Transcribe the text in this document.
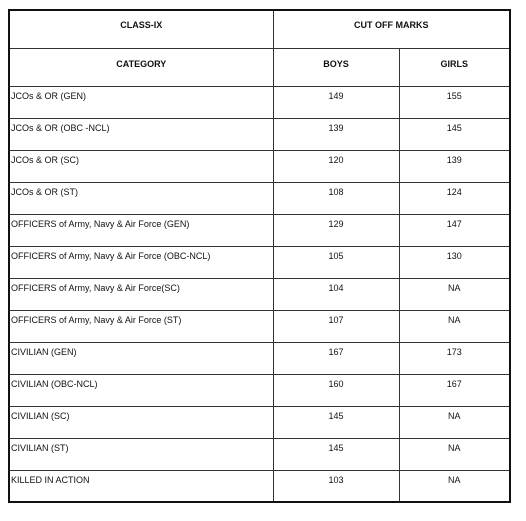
CLASS-IX	CUT OFF MARKS	
CATEGORY	BOYS	GIRLS
JCOs & OR (GEN)	149	155
JCOs & OR (OBC -NCL)	139	145
JCOs & OR (SC)	120	139
JCOs & OR (ST)	108	124
OFFICERS of Army, Navy & Air Force (GEN)	129	147
OFFICERS of Army, Navy & Air Force (OBC-NCL)	105	130
OFFICERS of Army, Navy & Air Force(SC)	104	NA
OFFICERS of Army, Navy & Air Force (ST)	107	NA
CIVILIAN (GEN)	167	173
CIVILIAN (OBC-NCL)	160	167
CIVILIAN (SC)	145	NA
CIVILIAN (ST)	145	NA
KILLED IN ACTION	103	NA
